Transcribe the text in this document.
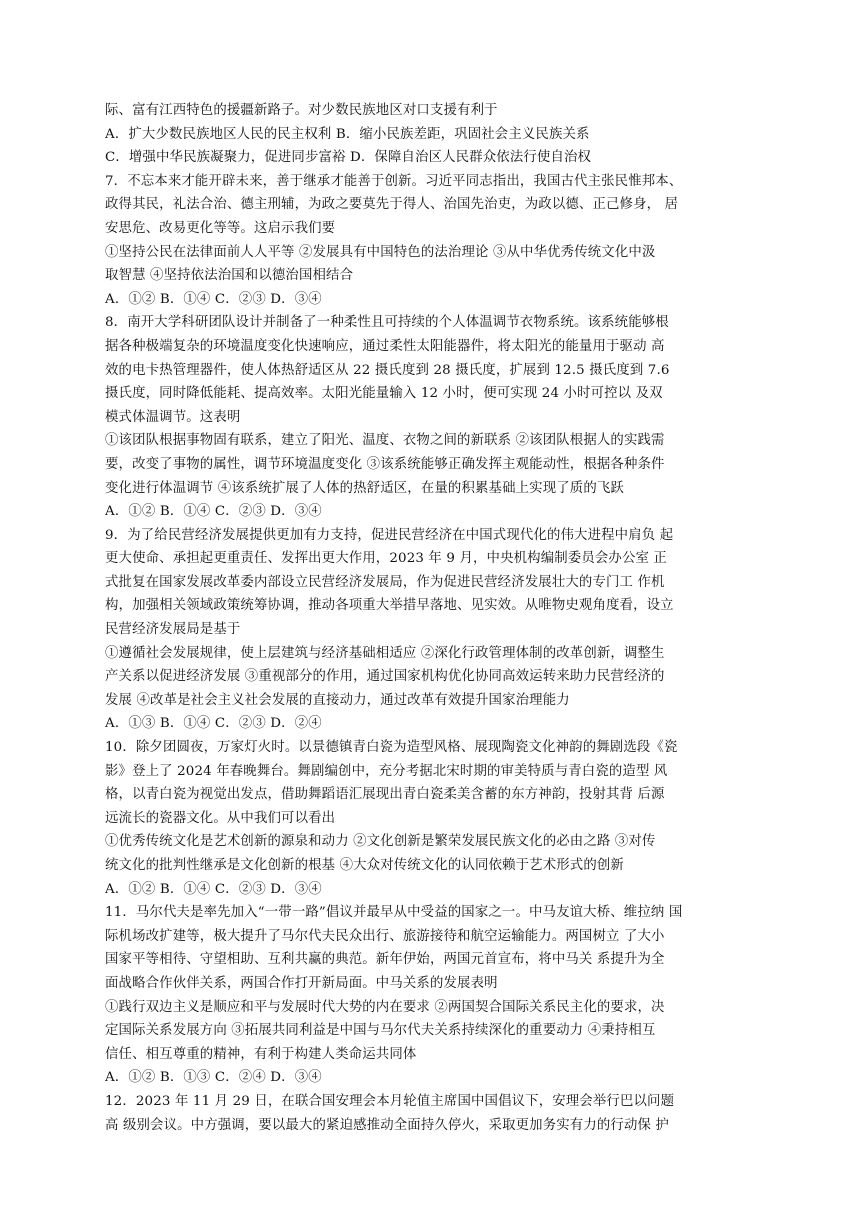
际、富有江西特色的援疆新路子。对少数民族地区对口支援有利于
A．扩大少数民族地区人民的民主权利 B．缩小民族差距，巩固社会主义民族关系
C．增强中华民族凝聚力，促进同步富裕 D．保障自治区人民群众依法行使自治权
7．不忘本来才能开辟未来，善于继承才能善于创新。习近平同志指出，我国古代主张民惟邦本、
政得其民，礼法合治、德主刑辅，为政之要莫先于得人、治国先治吏，为政以德、正己修身， 居
安思危、改易更化等等。这启示我们要
①坚持公民在法律面前人人平等 ②发展具有中国特色的法治理论 ③从中华优秀传统文化中汲
取智慧 ④坚持依法治国和以德治国相结合
A．①② B．①④ C．②③ D．③④
8．南开大学科研团队设计并制备了一种柔性且可持续的个人体温调节衣物系统。该系统能够根
据各种极端复杂的环境温度变化快速响应，通过柔性太阳能器件，将太阳光的能量用于驱动 高
效的电卡热管理器件，使人体热舒适区从 22 摄氏度到 28 摄氏度，扩展到 12.5 摄氏度到 7.6
摄氏度，同时降低能耗、提高效率。太阳光能量输入 12 小时，便可实现 24 小时可控以 及双
模式体温调节。这表明
①该团队根据事物固有联系，建立了阳光、温度、衣物之间的新联系 ②该团队根据人的实践需
要，改变了事物的属性，调节环境温度变化 ③该系统能够正确发挥主观能动性，根据各种条件
变化进行体温调节 ④该系统扩展了人体的热舒适区，在量的积累基础上实现了质的飞跃
A．①② B．①④ C．②③ D．③④
9．为了给民营经济发展提供更加有力支持，促进民营经济在中国式现代化的伟大进程中肩负 起
更大使命、承担起更重责任、发挥出更大作用，2023 年 9 月，中央机构编制委员会办公室 正
式批复在国家发展改革委内部设立民营经济发展局，作为促进民营经济发展壮大的专门工 作机
构，加强相关领域政策统筹协调，推动各项重大举措早落地、见实效。从唯物史观角度看，设立
民营经济发展局是基于
①遵循社会发展规律，使上层建筑与经济基础相适应 ②深化行政管理体制的改革创新，调整生
产关系以促进经济发展 ③重视部分的作用，通过国家机构优化协同高效运转来助力民营经济的
发展 ④改革是社会主义社会发展的直接动力，通过改革有效提升国家治理能力
A．①③ B．①④ C．②③ D．②④
10．除夕团圆夜，万家灯火时。以景德镇青白瓷为造型风格、展现陶瓷文化神韵的舞剧选段《瓷
影》登上了 2024 年春晚舞台。舞剧编创中，充分考据北宋时期的审美特质与青白瓷的造型 风
格，以青白瓷为视觉出发点，借助舞蹈语汇展现出青白瓷柔美含蓄的东方神韵，投射其背 后源
远流长的瓷器文化。从中我们可以看出
①优秀传统文化是艺术创新的源泉和动力 ②文化创新是繁荣发展民族文化的必由之路 ③对传
统文化的批判性继承是文化创新的根基 ④大众对传统文化的认同依赖于艺术形式的创新
A．①② B．①④ C．②③ D．③④
11．马尔代夫是率先加入“一带一路”倡议并最早从中受益的国家之一。中马友谊大桥、维拉纳 国
际机场改扩建等，极大提升了马尔代夫民众出行、旅游接待和航空运输能力。两国树立 了大小
国家平等相待、守望相助、互利共赢的典范。新年伊始，两国元首宣布，将中马关 系提升为全
面战略合作伙伴关系，两国合作打开新局面。中马关系的发展表明
①践行双边主义是顺应和平与发展时代大势的内在要求 ②两国契合国际关系民主化的要求，决
定国际关系发展方向 ③拓展共同利益是中国与马尔代夫关系持续深化的重要动力 ④秉持相互
信任、相互尊重的精神，有利于构建人类命运共同体
A．①② B．①③ C．②④ D．③④
12．2023 年 11 月 29 日，在联合国安理会本月轮值主席国中国倡议下，安理会举行巴以问题
高 级别会议。中方强调，要以最大的紧迫感推动全面持久停火，采取更加务实有力的行动保 护
